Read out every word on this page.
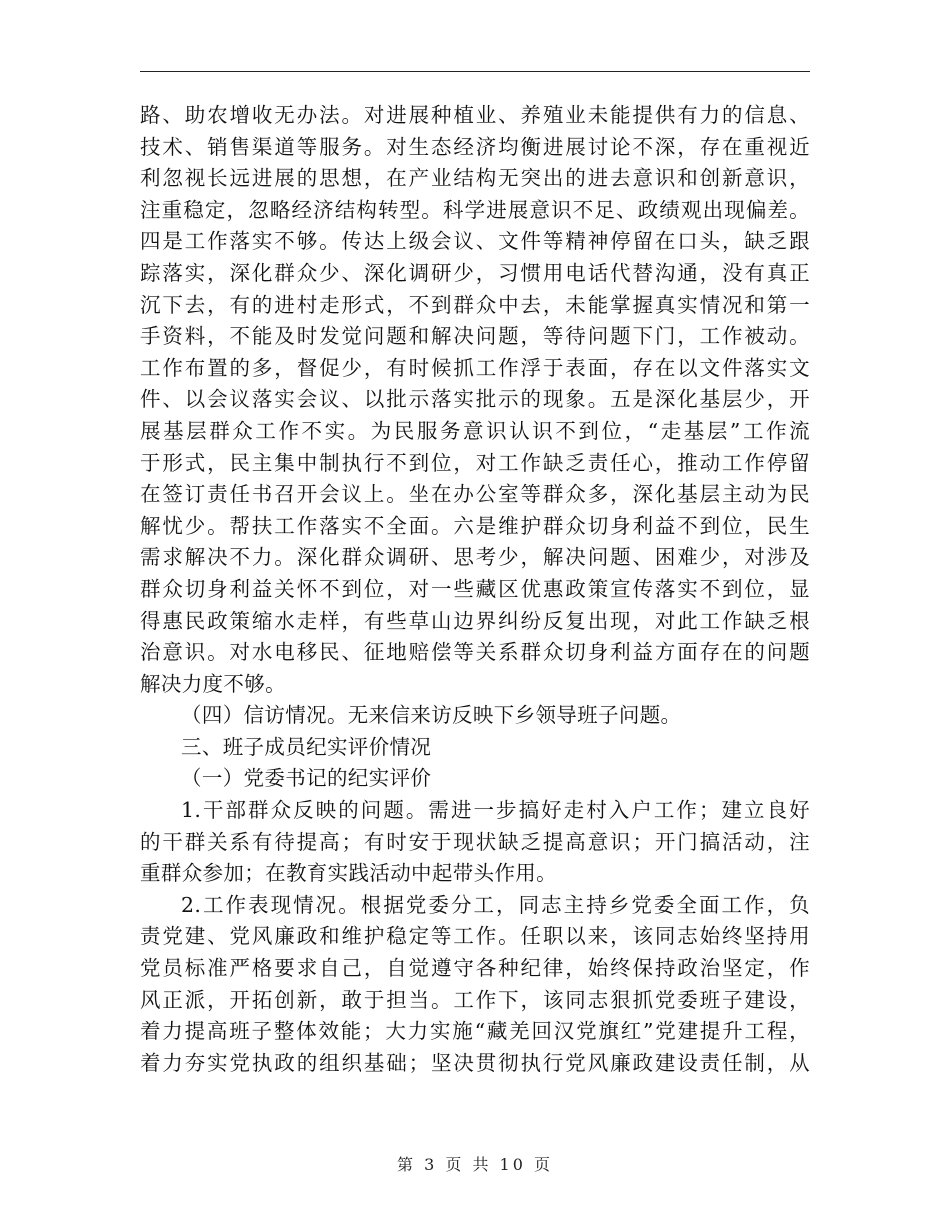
路、助农增收无办法。对进展种植业、养殖业未能提供有力的信息、
技术、销售渠道等服务。对生态经济均衡进展讨论不深，存在重视近
利忽视长远进展的思想，在产业结构无突出的进去意识和创新意识，
注重稳定，忽略经济结构转型。科学进展意识不足、政绩观出现偏差。
四是工作落实不够。传达上级会议、文件等精神停留在口头，缺乏跟
踪落实，深化群众少、深化调研少，习惯用电话代替沟通，没有真正
沉下去，有的进村走形式，不到群众中去，未能掌握真实情况和第一
手资料，不能及时发觉问题和解决问题，等待问题下门，工作被动。
工作布置的多，督促少，有时候抓工作浮于表面，存在以文件落实文
件、以会议落实会议、以批示落实批示的现象。五是深化基层少，开
展基层群众工作不实。为民服务意识认识不到位，“走基层”工作流
于形式，民主集中制执行不到位，对工作缺乏责任心，推动工作停留
在签订责任书召开会议上。坐在办公室等群众多，深化基层主动为民
解忧少。帮扶工作落实不全面。六是维护群众切身利益不到位，民生
需求解决不力。深化群众调研、思考少，解决问题、困难少，对涉及
群众切身利益关怀不到位，对一些藏区优惠政策宣传落实不到位，显
得惠民政策缩水走样，有些草山边界纠纷反复出现，对此工作缺乏根
治意识。对水电移民、征地赔偿等关系群众切身利益方面存在的问题
解决力度不够。
（四）信访情况。无来信来访反映下乡领导班子问题。
三、班子成员纪实评价情况
（一）党委书记的纪实评价
1.干部群众反映的问题。需进一步搞好走村入户工作；建立良好
的干群关系有待提高；有时安于现状缺乏提高意识；开门搞活动，注
重群众参加；在教育实践活动中起带头作用。
2.工作表现情况。根据党委分工，同志主持乡党委全面工作，负
责党建、党风廉政和维护稳定等工作。任职以来，该同志始终坚持用
党员标准严格要求自己，自觉遵守各种纪律，始终保持政治坚定，作
风正派，开拓创新，敢于担当。工作下，该同志狠抓党委班子建设，
着力提高班子整体效能；大力实施“藏羌回汉党旗红”党建提升工程，
着力夯实党执政的组织基础；坚决贯彻执行党风廉政建设责任制，从
第 3 页 共 10 页
